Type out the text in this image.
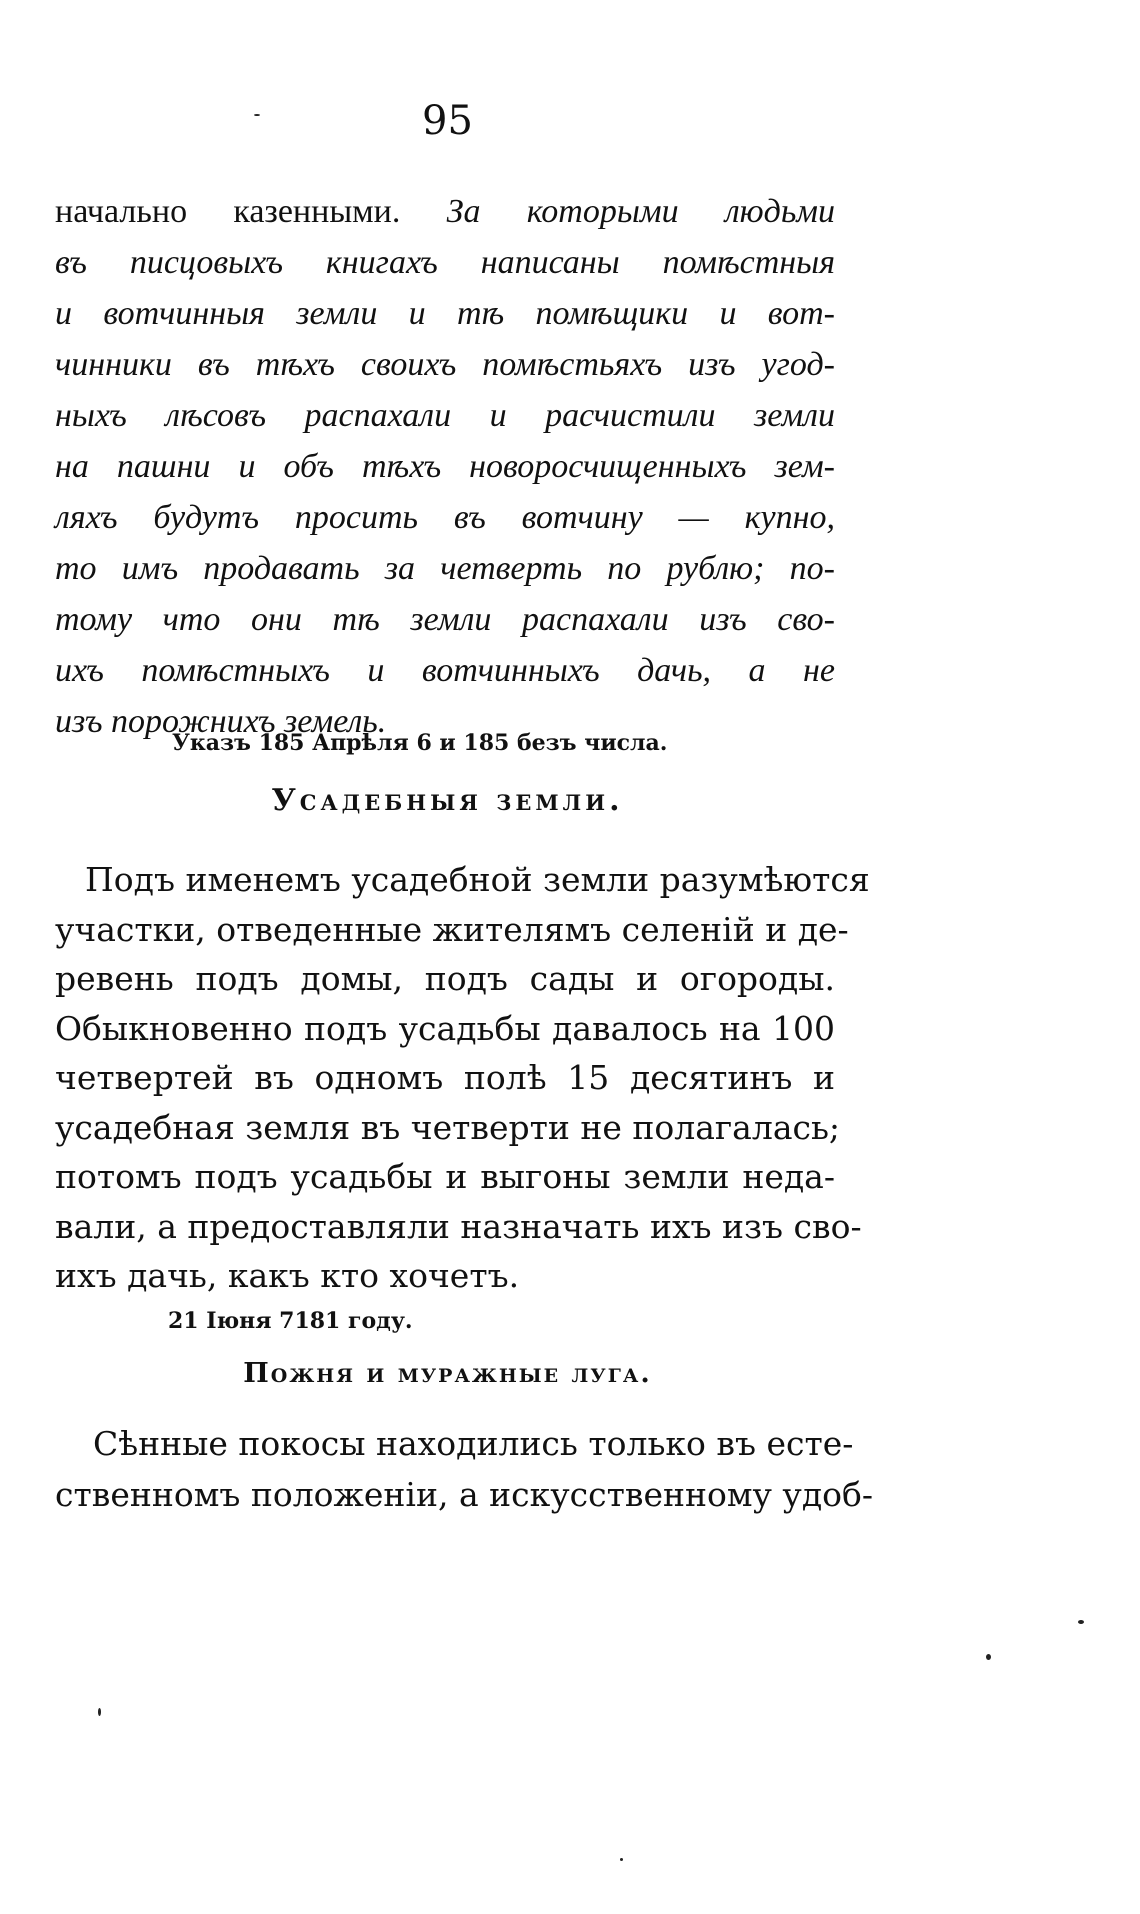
95
начально казенными. За которыми людьми
въ писцовыхъ книгахъ написаны помѣстныя
и вотчинныя земли и тѣ помѣщики и вот-
чинники въ тѣхъ своихъ помѣстьяхъ изъ угод-
ныхъ лѣсовъ распахали и расчистили земли
на пашни и объ тѣхъ новоросчищенныхъ зем-
ляхъ будутъ просить въ вотчину — купно,
то имъ продавать за четверть по рублю; по-
тому что они тѣ земли распахали изъ сво-
ихъ помѣстныхъ и вотчинныхъ дачь, а не
изъ порожнихъ земель.
Указъ 185 Апрѣля 6 и 185 безъ числа.
Усадебныя земли.
Подъ именемъ усадебной земли разумѣются
участки, отведенные жителямъ селеній и де-
ревень подъ домы, подъ сады и огороды.
Обыкновенно подъ усадьбы давалось на 100
четвертей въ одномъ полѣ 15 десятинъ и
усадебная земля въ четверти не полагалась;
потомъ подъ усадьбы и выгоны земли неда-
вали, а предоставляли назначать ихъ изъ сво-
ихъ дачь, какъ кто хочетъ.
21 Іюня 7181 году.
Пожня и муражные луга.
Сѣнные покосы находились только въ есте-
ственномъ положеніи, а искусственному удоб-
